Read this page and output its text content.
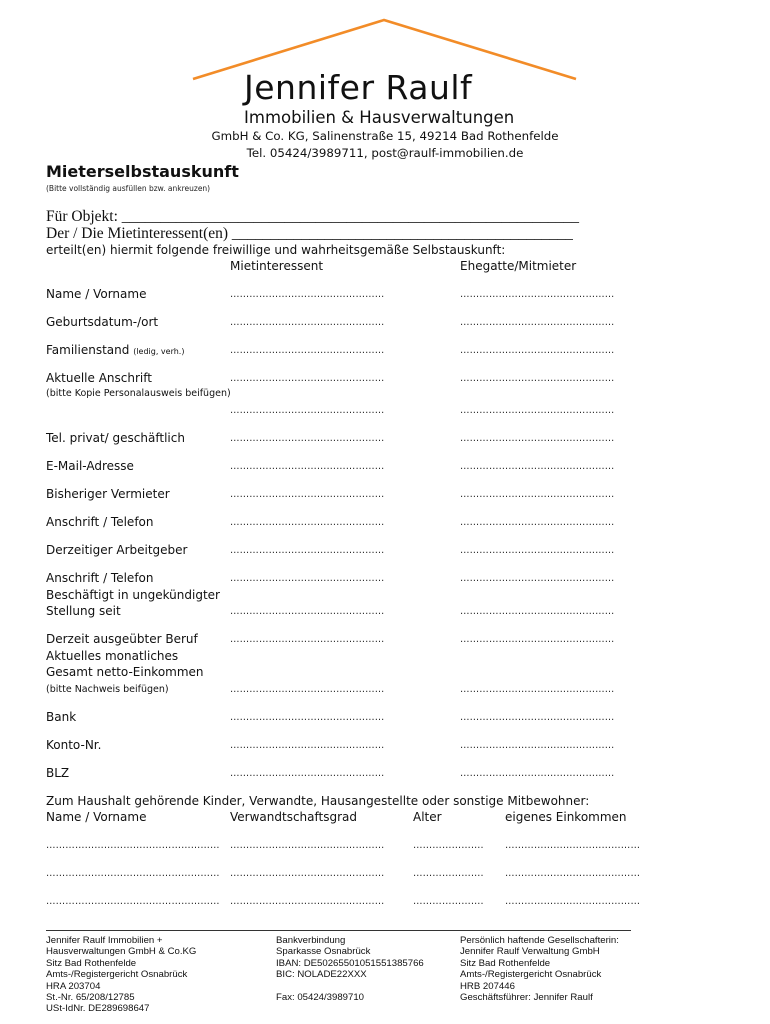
Jennifer Raulf
Immobilien & Hausverwaltungen
GmbH & Co. KG, Salinenstraße 15, 49214 Bad Rothenfelde
Tel. 05424/3989711, post@raulf-immobilien.de
Mieterselbstauskunft
(Bitte vollständig ausfüllen bzw. ankreuzen)
Für Objekt: ___________________________________________________________
Der / Die Mietinteressent(en) ____________________________________________
erteilt(en) hiermit folgende freiwillige und wahrheitsgemäße Selbstauskunft:
Mietinteressent	Ehegatte/Mitmieter
Name / Vorname	…………………………………………	…………………………………………
Geburtsdatum-/ort	…………………………………………	…………………………………………
Familienstand (ledig, verh.)	…………………………………………	…………………………………………
Aktuelle Anschrift
(bitte Kopie Personalausweis beifügen)
…………………………………………	…………………………………………
…………………………………………	…………………………………………
Tel. privat/ geschäftlich	…………………………………………	…………………………………………
E-Mail-Adresse	…………………………………………	…………………………………………
Bisheriger Vermieter	…………………………………………	…………………………………………
Anschrift / Telefon	…………………………………………	…………………………………………
Derzeitiger Arbeitgeber	…………………………………………	…………………………………………
Anschrift / Telefon	…………………………………………	…………………………………………
Beschäftigt in ungekündigter
Stellung seit	…………………………………………	…………………………………………
Derzeit ausgeübter Beruf	…………………………………………	…………………………………………
Aktuelles monatliches
Gesamt netto-Einkommen
(bitte Nachweis beifügen)	…………………………………………	…………………………………………
Bank	…………………………………………	…………………………………………
Konto-Nr.	…………………………………………	…………………………………………
BLZ	…………………………………………	…………………………………………
Zum Haushalt gehörende Kinder, Verwandte, Hausangestellte oder sonstige Mitbewohner:
Name / Vorname	Verwandtschaftsgrad	Alter	eigenes Einkommen
……………………………………………… …………………………………………	…………………. ……………………………………
……………………………………………… …………………………………………	…………………. ……………………………………
……………………………………………… …………………………………………	…………………. ……………………………………
Jennifer Raulf Immobilien +
Hausverwaltungen GmbH & Co.KG
Sitz Bad Rothenfelde
Amts-/Registergericht Osnabrück
HRA 203704
St.-Nr. 65/208/12785
USt-IdNr. DE289698647
Bankverbindung
Sparkasse Osnabrück
IBAN: DE50265501051551385766
BIC: NOLADE22XXX

Fax: 05424/3989710
Persönlich haftende Gesellschafterin:
Jennifer Raulf Verwaltung GmbH
Sitz Bad Rothenfelde
Amts-/Registergericht Osnabrück
HRB 207446
Geschäftsführer: Jennifer Raulf
